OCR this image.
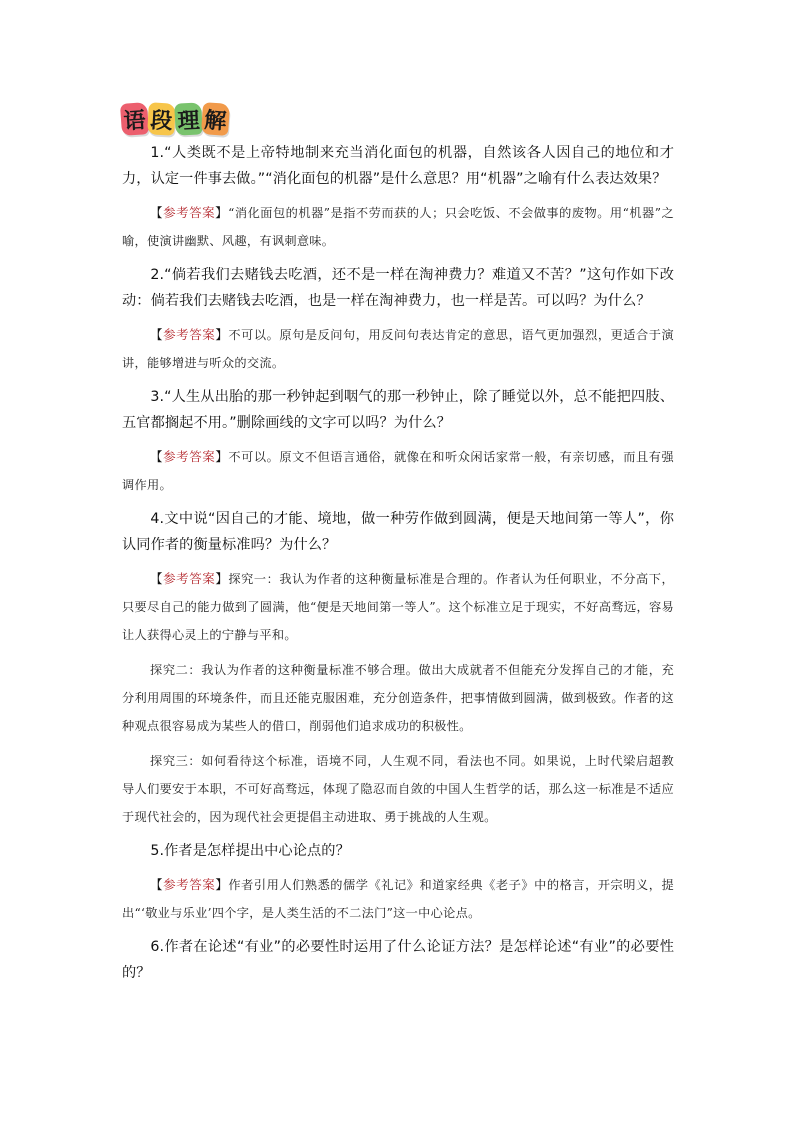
语 段 理 解

1.“人类既不是上帝特地制来充当消化面包的机器，自然该各人因自己的地位和才力，认定一件事去做。”“消化面包的机器”是什么意思？用“机器”之喻有什么表达效果？

【参考答案】“消化面包的机器”是指不劳而获的人；只会吃饭、不会做事的废物。用“机器”之喻，使演讲幽默、风趣，有讽刺意味。

2.“倘若我们去赌钱去吃酒，还不是一样在淘神费力？难道又不苦？”这句作如下改动：倘若我们去赌钱去吃酒，也是一样在淘神费力，也一样是苦。可以吗？为什么？

【参考答案】不可以。原句是反问句，用反问句表达肯定的意思，语气更加强烈，更适合于演讲，能够增进与听众的交流。

3.“人生从出胎的那一秒钟起到咽气的那一秒钟止，除了睡觉以外，总不能把四肢、五官都搁起不用。”删除画线的文字可以吗？为什么？

【参考答案】不可以。原文不但语言通俗，就像在和听众闲话家常一般，有亲切感，而且有强调作用。

4.文中说“因自己的才能、境地，做一种劳作做到圆满，便是天地间第一等人”，你认同作者的衡量标准吗？为什么？

【参考答案】探究一：我认为作者的这种衡量标准是合理的。作者认为任何职业，不分高下，只要尽自己的能力做到了圆满，他“便是天地间第一等人”。这个标准立足于现实，不好高骛远，容易让人获得心灵上的宁静与平和。

探究二：我认为作者的这种衡量标准不够合理。做出大成就者不但能充分发挥自己的才能，充分利用周围的环境条件，而且还能克服困难，充分创造条件，把事情做到圆满，做到极致。作者的这种观点很容易成为某些人的借口，削弱他们追求成功的积极性。

探究三：如何看待这个标准，语境不同，人生观不同，看法也不同。如果说，上时代梁启超教导人们要安于本职，不可好高骛远，体现了隐忍而自敛的中国人生哲学的话，那么这一标准是不适应于现代社会的，因为现代社会更提倡主动进取、勇于挑战的人生观。

5.作者是怎样提出中心论点的？

【参考答案】作者引用人们熟悉的儒学《礼记》和道家经典《老子》中的格言，开宗明义，提出“‘敬业与乐业’四个字，是人类生活的不二法门”这一中心论点。

6.作者在论述“有业”的必要性时运用了什么论证方法？是怎样论述“有业”的必要性的？
